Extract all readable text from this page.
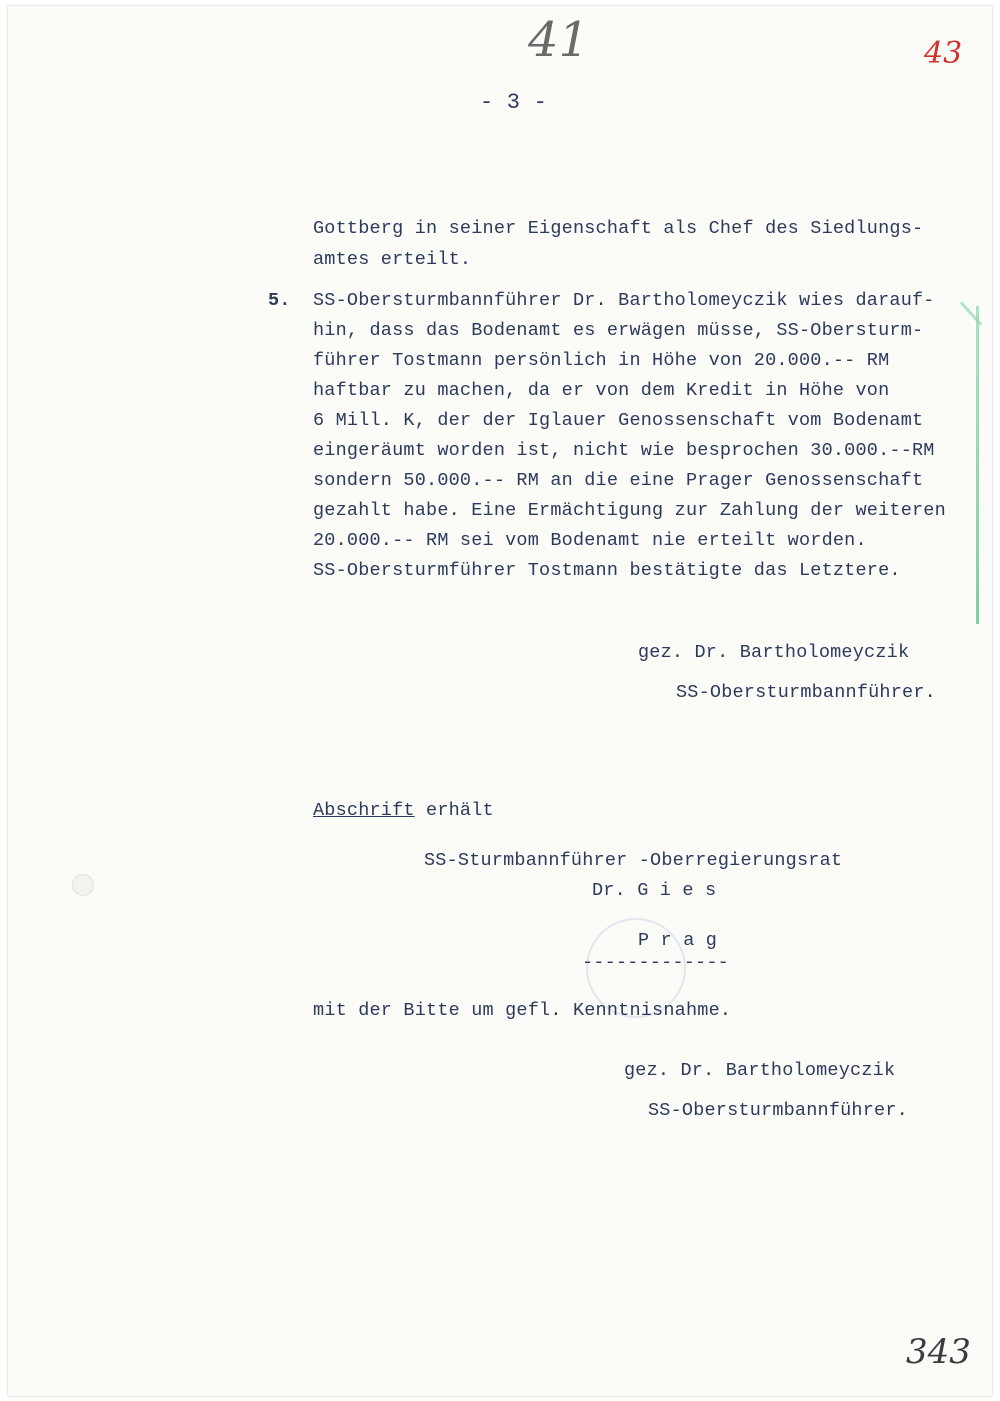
41	43
- 3 -
Gottberg in seiner Eigenschaft als Chef des Siedlungs-
amtes erteilt.
5. SS-Obersturmbannführer Dr. Bartholomeyczik wies darauf-
hin, dass das Bodenamt es erwägen müsse, SS-Obersturm-
führer Tostmann persönlich in Höhe von 20.000.-- RM
haftbar zu machen, da er von dem Kredit in Höhe von
6 Mill. K, der der Iglauer Genossenschaft vom Bodenamt
eingeräumt worden ist, nicht wie besprochen 30.000.--RM
sondern 50.000.-- RM an die eine Prager Genossenschaft
gezahlt habe. Eine Ermächtigung zur Zahlung der weiteren
20.000.-- RM sei vom Bodenamt nie erteilt worden.
SS-Obersturmführer Tostmann bestätigte das Letztere.
gez. Dr. Bartholomeyczik
SS-Obersturmbannführer.
Abschrift erhält
SS-Sturmbannführer -Oberregierungsrat
Dr. G i e s
P r a g
-------------
mit der Bitte um gefl. Kenntnisnahme.
gez. Dr. Bartholomeyczik
SS-Obersturmbannführer.
343
